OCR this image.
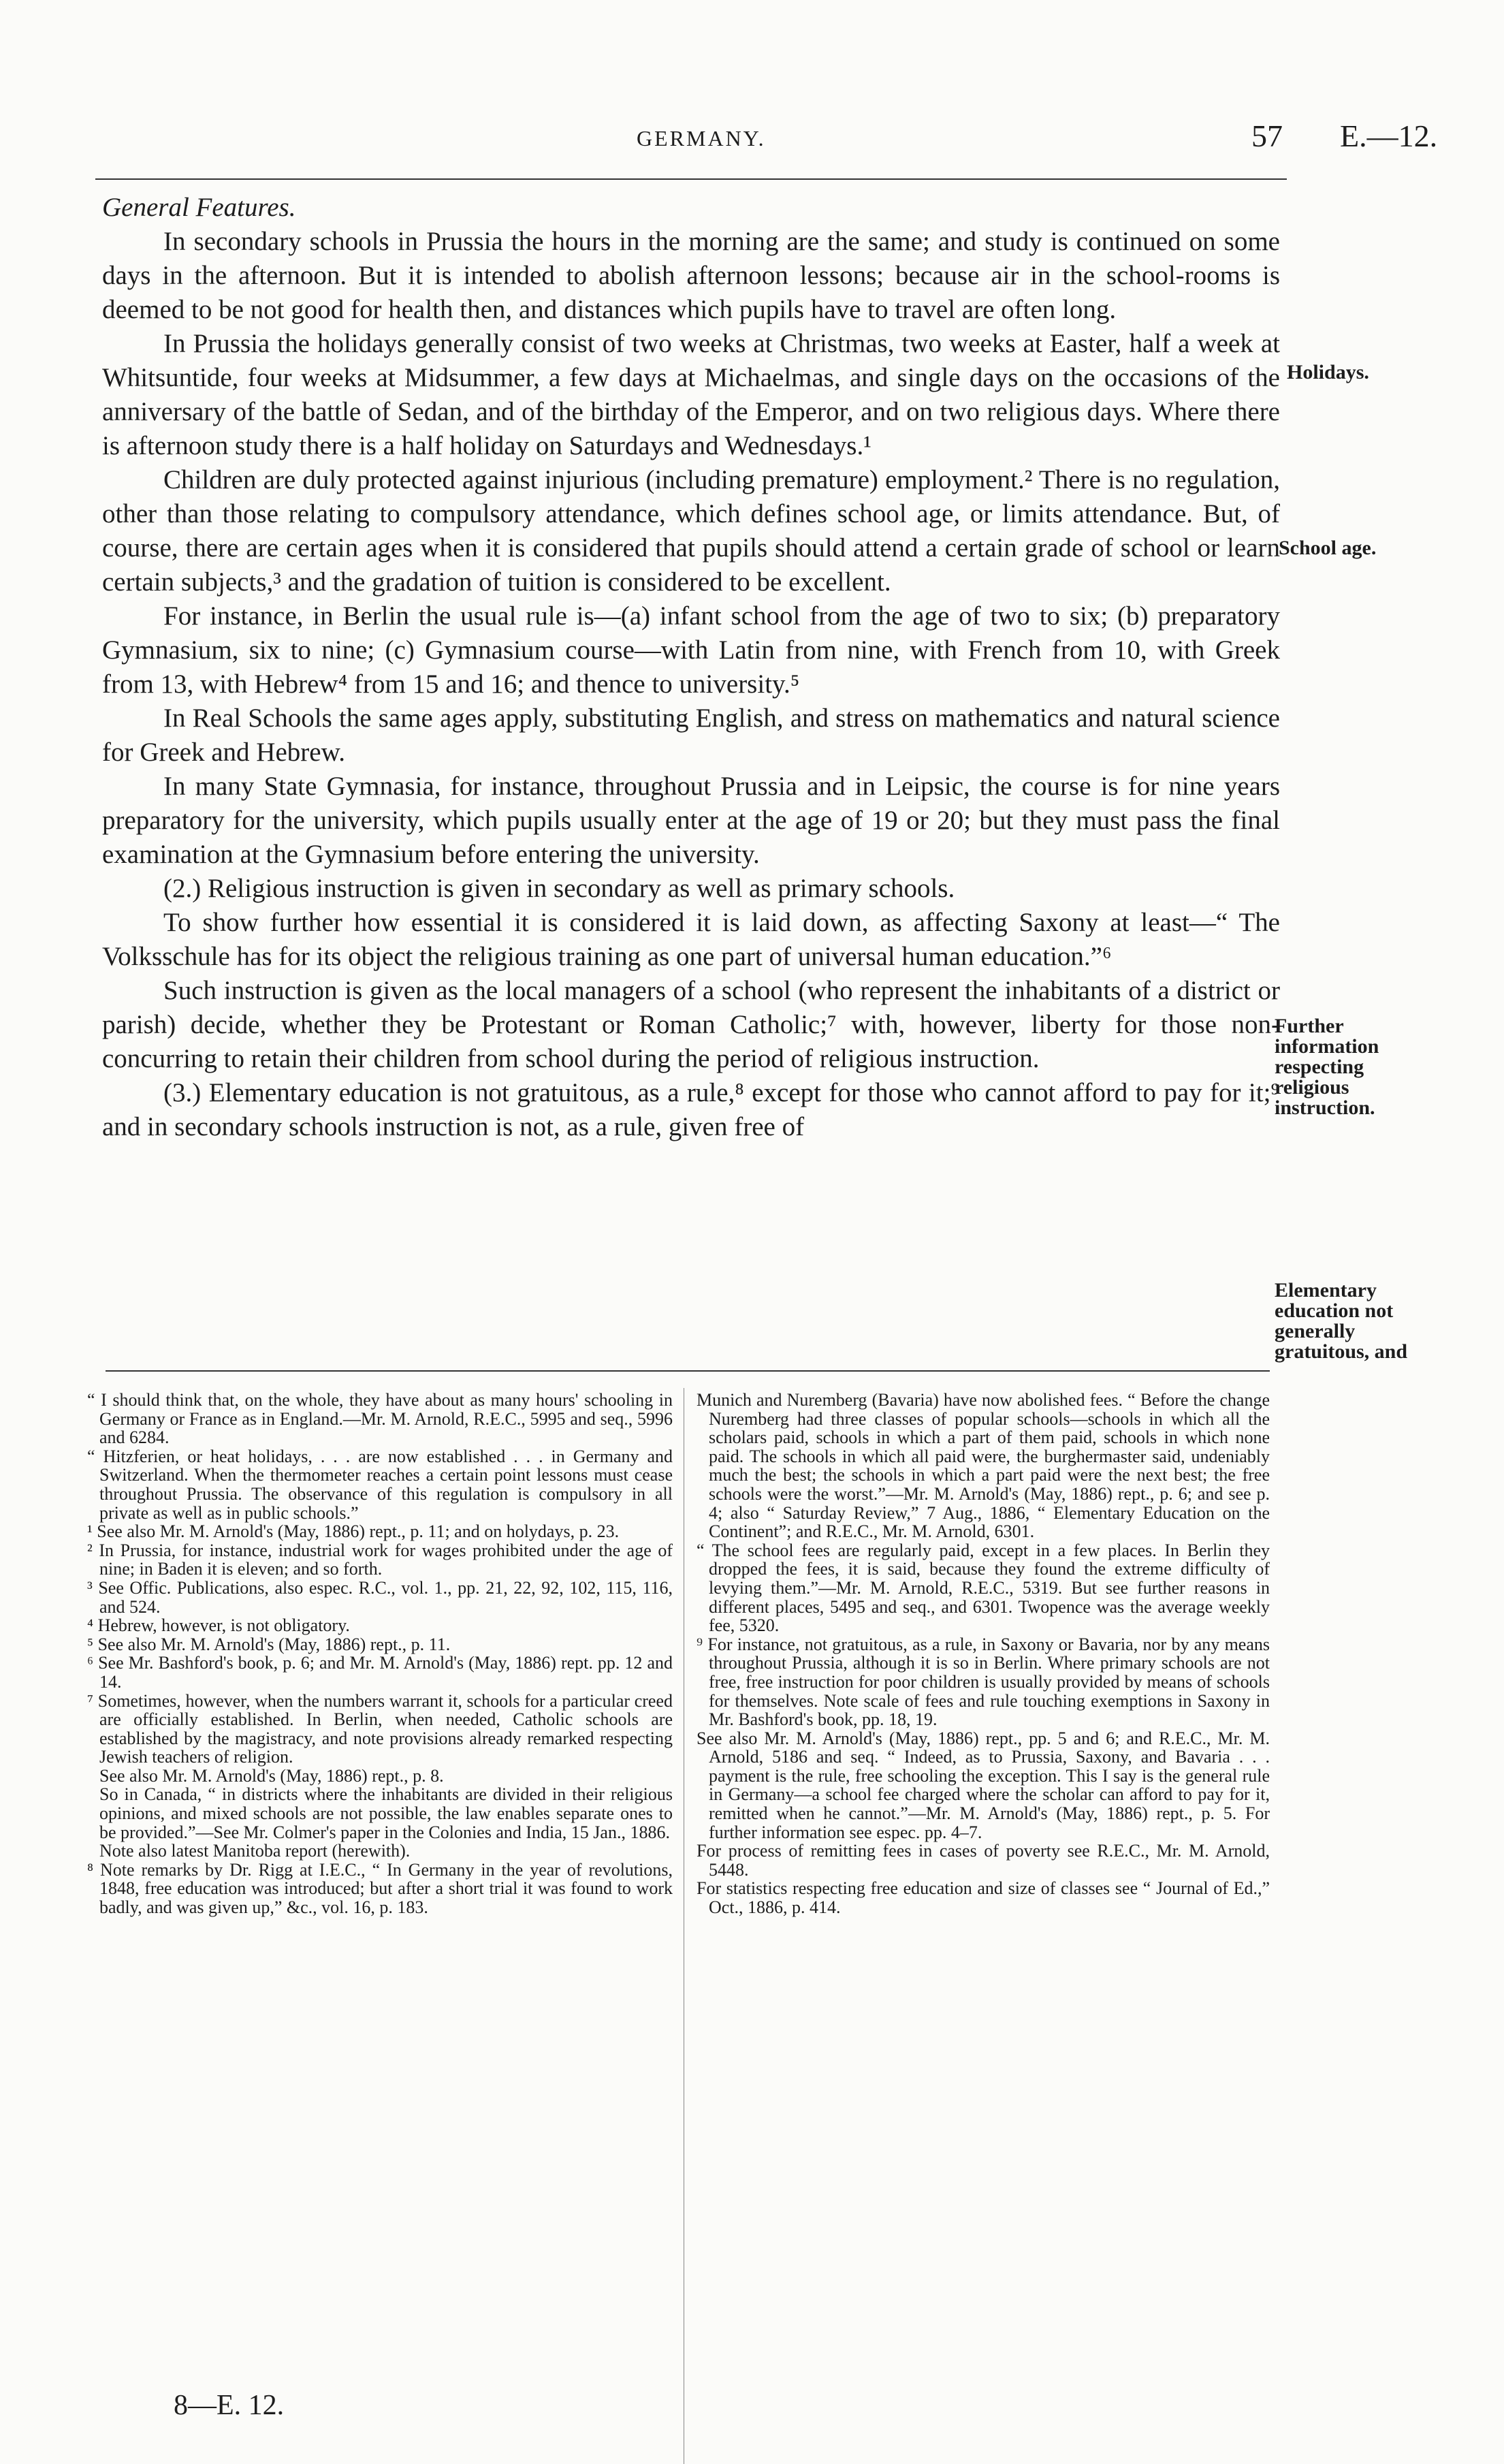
GERMANY.	57 E.—12.

General Features.

In secondary schools in Prussia the hours in the morning are the same; and study is continued on some days in the afternoon. But it is intended to abolish afternoon lessons; because air in the school-rooms is deemed to be not good for health then, and distances which pupils have to travel are often long.

In Prussia the holidays generally consist of two weeks at Christmas, two weeks at Easter, half a week at Whitsuntide, four weeks at Midsummer, a few days at Michaelmas, and single days on the occasions of the anniversary of the battle of Sedan, and of the birthday of the Emperor, and on two religious days. Where there is afternoon study there is a half holiday on Saturdays and Wednesdays.¹

Children are duly protected against injurious (including premature) employment.² There is no regulation, other than those relating to compulsory attendance, which defines school age, or limits attendance. But, of course, there are certain ages when it is considered that pupils should attend a certain grade of school or learn certain subjects,³ and the gradation of tuition is considered to be excellent.

For instance, in Berlin the usual rule is—(a) infant school from the age of two to six; (b) preparatory Gymnasium, six to nine; (c) Gymnasium course—with Latin from nine, with French from 10, with Greek from 13, with Hebrew⁴ from 15 and 16; and thence to university.⁵

In Real Schools the same ages apply, substituting English, and stress on mathematics and natural science for Greek and Hebrew.

In many State Gymnasia, for instance, throughout Prussia and in Leipsic, the course is for nine years preparatory for the university, which pupils usually enter at the age of 19 or 20; but they must pass the final examination at the Gymnasium before entering the university.

(2.) Religious instruction is given in secondary as well as primary schools.

To show further how essential it is considered it is laid down, as affecting Saxony at least—“ The Volksschule has for its object the religious training as one part of universal human education.”⁶

Such instruction is given as the local managers of a school (who represent the inhabitants of a district or parish) decide, whether they be Protestant or Roman Catholic;⁷ with, however, liberty for those non-concurring to retain their children from school during the period of religious instruction.

(3.) Elementary education is not gratuitous, as a rule,⁸ except for those who cannot afford to pay for it;⁹ and in secondary schools instruction is not, as a rule, given free of

Holidays.
School age.
Further
information
respecting
religious
instruction.
Elementary
education not
generally
gratuitous, and

“ I should think that, on the whole, they have about as many hours' schooling in Germany or France as in England.—Mr. M. Arnold, R.E.C., 5995 and seq., 5996 and 6284.

“ Hitzferien, or heat holidays, . . . are now established . . . in Germany and Switzerland. When the thermometer reaches a certain point lessons must cease throughout Prussia. The observance of this regulation is compulsory in all private as well as in public schools.”

¹ See also Mr. M. Arnold's (May, 1886) rept., p. 11; and on holydays, p. 23.

² In Prussia, for instance, industrial work for wages prohibited under the age of nine; in Baden it is eleven; and so forth.

³ See Offic. Publications, also espec. R.C., vol. 1., pp. 21, 22, 92, 102, 115, 116, and 524.

⁴ Hebrew, however, is not obligatory.

⁵ See also Mr. M. Arnold's (May, 1886) rept., p. 11.

⁶ See Mr. Bashford's book, p. 6; and Mr. M. Arnold's (May, 1886) rept. pp. 12 and 14.

⁷ Sometimes, however, when the numbers warrant it, schools for a particular creed are officially established. In Berlin, when needed, Catholic schools are established by the magistracy, and note provisions already remarked respecting Jewish teachers of religion.

See also Mr. M. Arnold's (May, 1886) rept., p. 8.

So in Canada, “ in districts where the inhabitants are divided in their religious opinions, and mixed schools are not possible, the law enables separate ones to be provided.”—See Mr. Colmer's paper in the Colonies and India, 15 Jan., 1886.

Note also latest Manitoba report (herewith).

⁸ Note remarks by Dr. Rigg at I.E.C., “ In Germany in the year of revolutions, 1848, free education was introduced; but after a short trial it was found to work badly, and was given up,” &c., vol. 16, p. 183.

Munich and Nuremberg (Bavaria) have now abolished fees. “ Before the change Nuremberg had three classes of popular schools—schools in which all the scholars paid, schools in which a part of them paid, schools in which none paid. The schools in which all paid were, the burghermaster said, undeniably much the best; the schools in which a part paid were the next best; the free schools were the worst.”—Mr. M. Arnold's (May, 1886) rept., p. 6; and see p. 4; also “ Saturday Review,” 7 Aug., 1886, “ Elementary Education on the Continent”; and R.E.C., Mr. M. Arnold, 6301.

“ The school fees are regularly paid, except in a few places. In Berlin they dropped the fees, it is said, because they found the extreme difficulty of levying them.”—Mr. M. Arnold, R.E.C., 5319. But see further reasons in different places, 5495 and seq., and 6301. Twopence was the average weekly fee, 5320.

⁹ For instance, not gratuitous, as a rule, in Saxony or Bavaria, nor by any means throughout Prussia, although it is so in Berlin. Where primary schools are not free, free instruction for poor children is usually provided by means of schools for themselves. Note scale of fees and rule touching exemptions in Saxony in Mr. Bashford's book, pp. 18, 19.

See also Mr. M. Arnold's (May, 1886) rept., pp. 5 and 6; and R.E.C., Mr. M. Arnold, 5186 and seq. “ Indeed, as to Prussia, Saxony, and Bavaria . . . payment is the rule, free schooling the exception. This I say is the general rule in Germany—a school fee charged where the scholar can afford to pay for it, remitted when he cannot.”—Mr. M. Arnold's (May, 1886) rept., p. 5. For further information see espec. pp. 4–7.

For process of remitting fees in cases of poverty see R.E.C., Mr. M. Arnold, 5448.

For statistics respecting free education and size of classes see “ Journal of Ed.,” Oct., 1886, p. 414.

8—E. 12.
